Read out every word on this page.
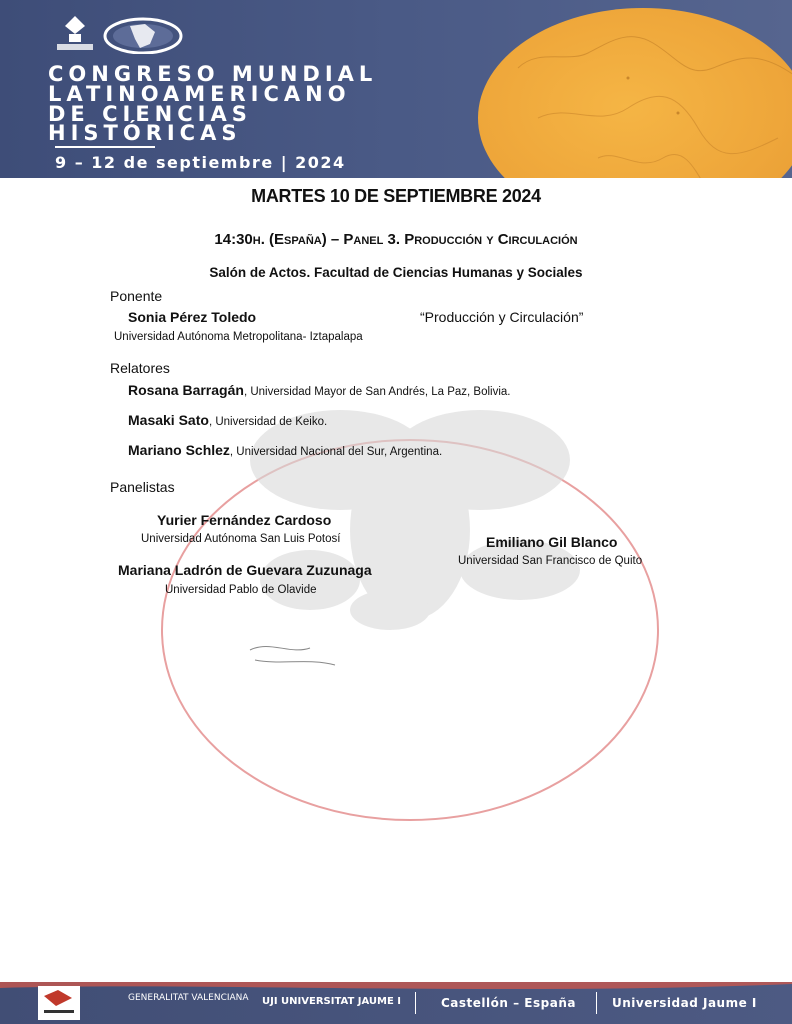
CONGRESO MUNDIAL
LATINOAMERICANO
DE CIENCIAS
HISTÓRICAS
9 – 12 de septiembre | 2024
MARTES 10 DE SEPTIEMBRE 2024
14:30h. (España) – Panel 3. Producción y Circulación
Salón de Actos. Facultad de Ciencias Humanas y Sociales
Ponente
Sonia Pérez Toledo	“Producción y Circulación”
Universidad Autónoma Metropolitana- Iztapalapa
Relatores
Rosana Barragán, Universidad Mayor de San Andrés, La Paz, Bolivia.
Masaki Sato, Universidad de Keiko.
Mariano Schlez, Universidad Nacional del Sur, Argentina.
Panelistas
Yurier Fernández Cardoso
Universidad Autónoma San Luis Potosí	Emiliano Gil Blanco
Universidad San Francisco de Quito
Mariana Ladrón de Guevara Zuzunaga
Universidad Pablo de Olavide
GENERALITAT VALENCIANA UJI UNIVERSITAT JAUME I	Castellón – España	Universidad Jaume I
